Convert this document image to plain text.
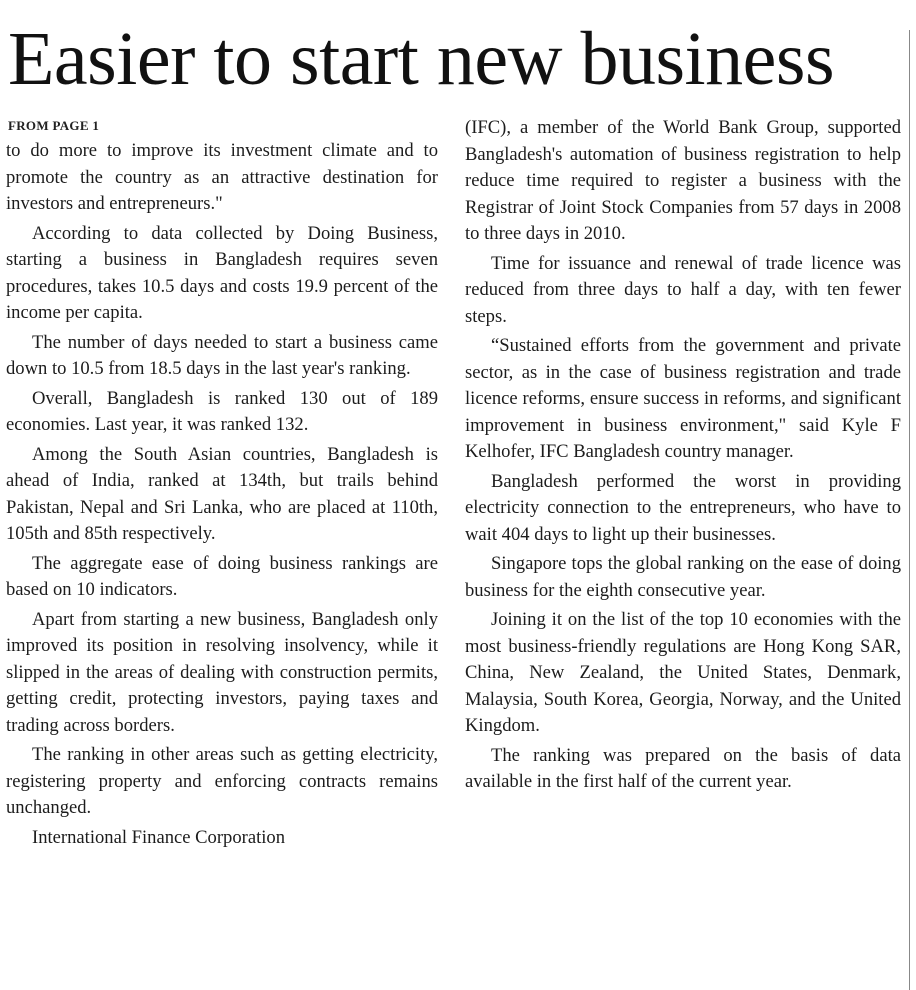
Easier to start new business
FROM PAGE 1

to do more to improve its investment climate and to promote the country as an attractive destination for investors and entrepreneurs."

According to data collected by Doing Business, starting a business in Bangladesh requires seven procedures, takes 10.5 days and costs 19.9 percent of the income per capita.

The number of days needed to start a business came down to 10.5 from 18.5 days in the last year's ranking.

Overall, Bangladesh is ranked 130 out of 189 economies. Last year, it was ranked 132.

Among the South Asian countries, Bangladesh is ahead of India, ranked at 134th, but trails behind Pakistan, Nepal and Sri Lanka, who are placed at 110th, 105th and 85th respectively.

The aggregate ease of doing business rankings are based on 10 indicators.

Apart from starting a new business, Bangladesh only improved its position in resolving insolvency, while it slipped in the areas of dealing with construction permits, getting credit, protecting investors, paying taxes and trading across borders.

The ranking in other areas such as getting electricity, registering property and enforcing contracts remains unchanged.

International Finance Corporation

(IFC), a member of the World Bank Group, supported Bangladesh's automation of business registration to help reduce time required to register a business with the Registrar of Joint Stock Companies from 57 days in 2008 to three days in 2010.

Time for issuance and renewal of trade licence was reduced from three days to half a day, with ten fewer steps.

“Sustained efforts from the government and private sector, as in the case of business registration and trade licence reforms, ensure success in reforms, and significant improvement in business environment," said Kyle F Kelhofer, IFC Bangladesh country manager.

Bangladesh performed the worst in providing electricity connection to the entrepreneurs, who have to wait 404 days to light up their businesses.

Singapore tops the global ranking on the ease of doing business for the eighth consecutive year.

Joining it on the list of the top 10 economies with the most business-friendly regulations are Hong Kong SAR, China, New Zealand, the United States, Denmark, Malaysia, South Korea, Georgia, Norway, and the United Kingdom.

The ranking was prepared on the basis of data available in the first half of the current year.
